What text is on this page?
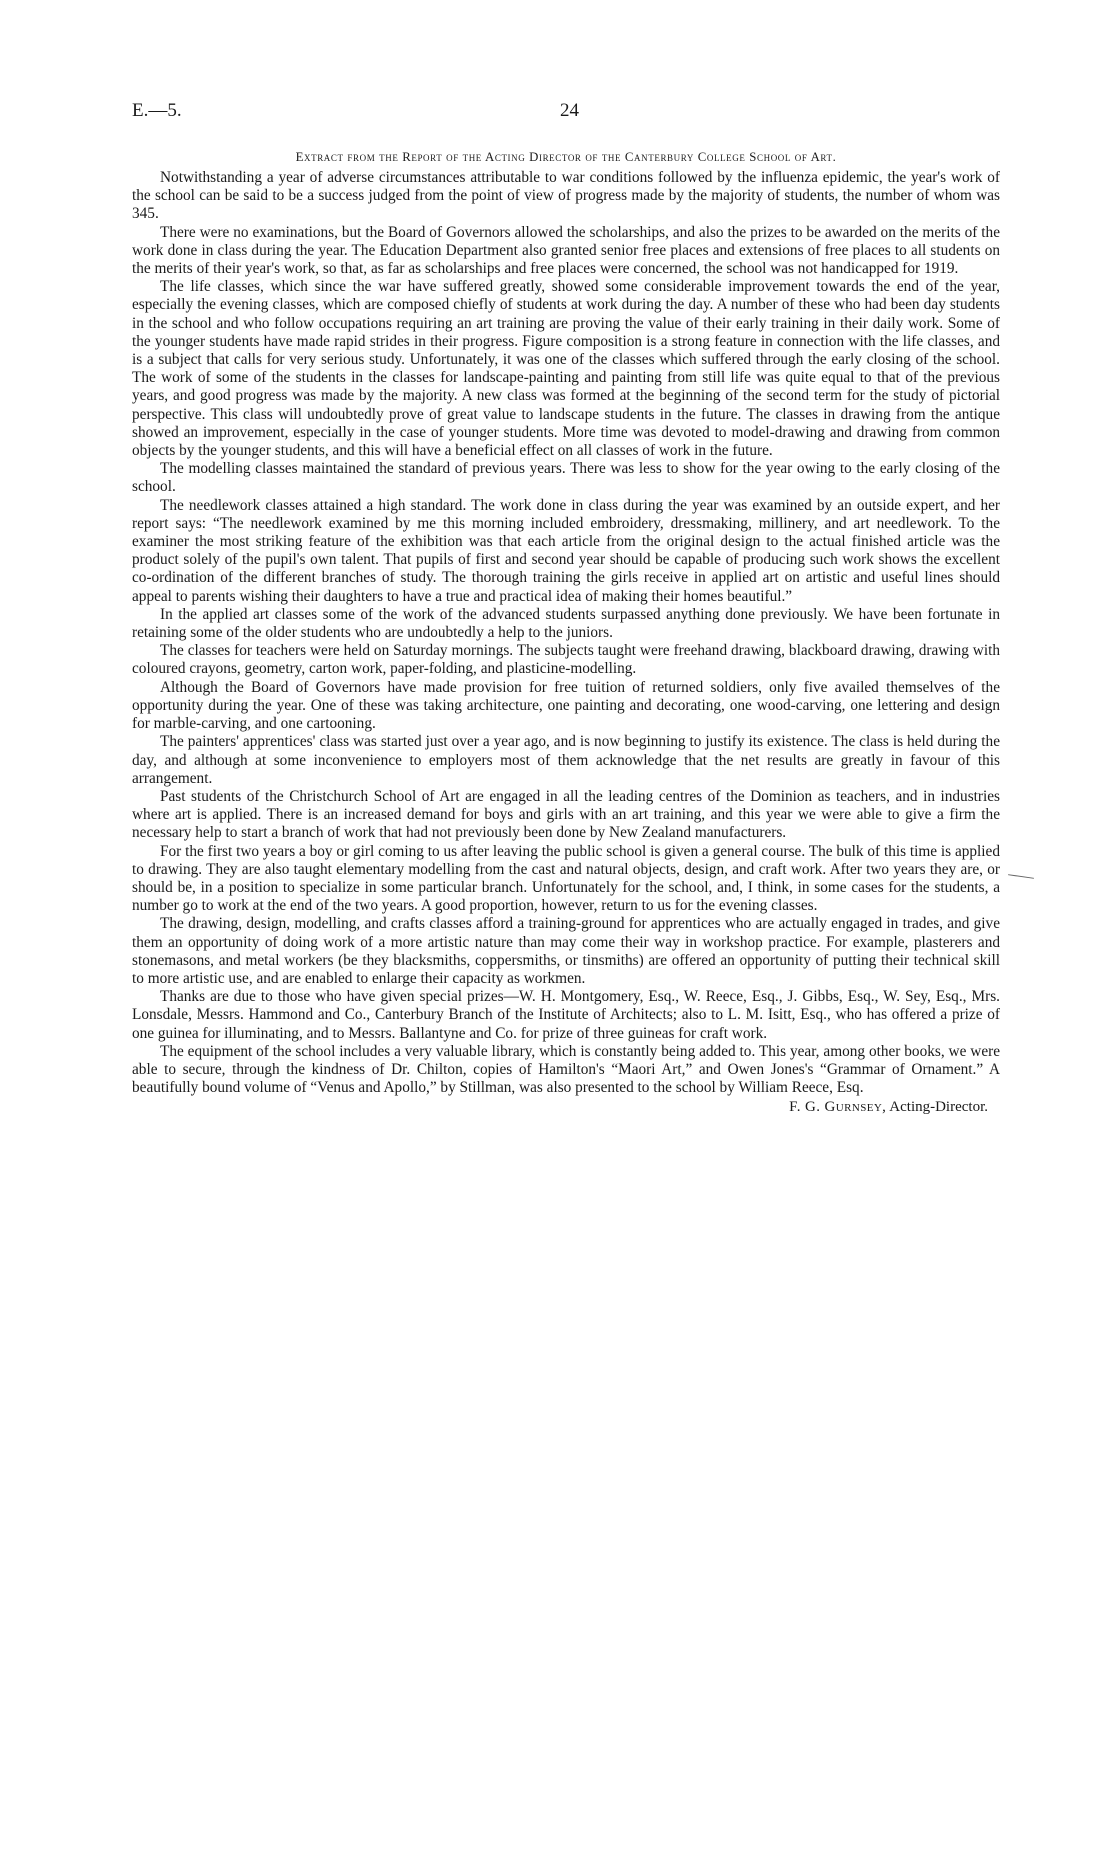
E.—5.	24
Extract from the Report of the Acting Director of the Canterbury College School of Art.

Notwithstanding a year of adverse circumstances attributable to war conditions followed by the influenza epidemic, the year's work of the school can be said to be a success judged from the point of view of progress made by the majority of students, the number of whom was 345.

There were no examinations, but the Board of Governors allowed the scholarships, and also the prizes to be awarded on the merits of the work done in class during the year. The Education Department also granted senior free places and extensions of free places to all students on the merits of their year's work, so that, as far as scholarships and free places were concerned, the school was not handicapped for 1919.

The life classes, which since the war have suffered greatly, showed some considerable improvement towards the end of the year, especially the evening classes, which are composed chiefly of students at work during the day. A number of these who had been day students in the school and who follow occupations requiring an art training are proving the value of their early training in their daily work. Some of the younger students have made rapid strides in their progress. Figure composition is a strong feature in connection with the life classes, and is a subject that calls for very serious study. Unfortunately, it was one of the classes which suffered through the early closing of the school. The work of some of the students in the classes for landscape-painting and painting from still life was quite equal to that of the previous years, and good progress was made by the majority. A new class was formed at the beginning of the second term for the study of pictorial perspective. This class will undoubtedly prove of great value to landscape students in the future. The classes in drawing from the antique showed an improvement, especially in the case of younger students. More time was devoted to model-drawing and drawing from common objects by the younger students, and this will have a beneficial effect on all classes of work in the future.

The modelling classes maintained the standard of previous years. There was less to show for the year owing to the early closing of the school.

The needlework classes attained a high standard. The work done in class during the year was examined by an outside expert, and her report says: “The needlework examined by me this morning included embroidery, dressmaking, millinery, and art needlework. To the examiner the most striking feature of the exhibition was that each article from the original design to the actual finished article was the product solely of the pupil's own talent. That pupils of first and second year should be capable of producing such work shows the excellent co-ordination of the different branches of study. The thorough training the girls receive in applied art on artistic and useful lines should appeal to parents wishing their daughters to have a true and practical idea of making their homes beautiful.”

In the applied art classes some of the work of the advanced students surpassed anything done previously. We have been fortunate in retaining some of the older students who are undoubtedly a help to the juniors.

The classes for teachers were held on Saturday mornings. The subjects taught were freehand drawing, blackboard drawing, drawing with coloured crayons, geometry, carton work, paper-folding, and plasticine-modelling.

Although the Board of Governors have made provision for free tuition of returned soldiers, only five availed themselves of the opportunity during the year. One of these was taking architecture, one painting and decorating, one wood-carving, one lettering and design for marble-carving, and one cartooning.

The painters' apprentices' class was started just over a year ago, and is now beginning to justify its existence. The class is held during the day, and although at some inconvenience to employers most of them acknowledge that the net results are greatly in favour of this arrangement.

Past students of the Christchurch School of Art are engaged in all the leading centres of the Dominion as teachers, and in industries where art is applied. There is an increased demand for boys and girls with an art training, and this year we were able to give a firm the necessary help to start a branch of work that had not previously been done by New Zealand manufacturers.

For the first two years a boy or girl coming to us after leaving the public school is given a general course. The bulk of this time is applied to drawing. They are also taught elementary modelling from the cast and natural objects, design, and craft work. After two years they are, or should be, in a position to specialize in some particular branch. Unfortunately for the school, and, I think, in some cases for the students, a number go to work at the end of the two years. A good proportion, however, return to us for the evening classes.

The drawing, design, modelling, and crafts classes afford a training-ground for apprentices who are actually engaged in trades, and give them an opportunity of doing work of a more artistic nature than may come their way in workshop practice. For example, plasterers and stonemasons, and metal workers (be they blacksmiths, coppersmiths, or tinsmiths) are offered an opportunity of putting their technical skill to more artistic use, and are enabled to enlarge their capacity as workmen.

Thanks are due to those who have given special prizes—W. H. Montgomery, Esq., W. Reece, Esq., J. Gibbs, Esq., W. Sey, Esq., Mrs. Lonsdale, Messrs. Hammond and Co., Canterbury Branch of the Institute of Architects; also to L. M. Isitt, Esq., who has offered a prize of one guinea for illuminating, and to Messrs. Ballantyne and Co. for prize of three guineas for craft work.

The equipment of the school includes a very valuable library, which is constantly being added to. This year, among other books, we were able to secure, through the kindness of Dr. Chilton, copies of Hamilton's “Maori Art,” and Owen Jones's “Grammar of Ornament.” A beautifully bound volume of “Venus and Apollo,” by Stillman, was also presented to the school by William Reece, Esq.

F. G. Gurnsey, Acting-Director.
